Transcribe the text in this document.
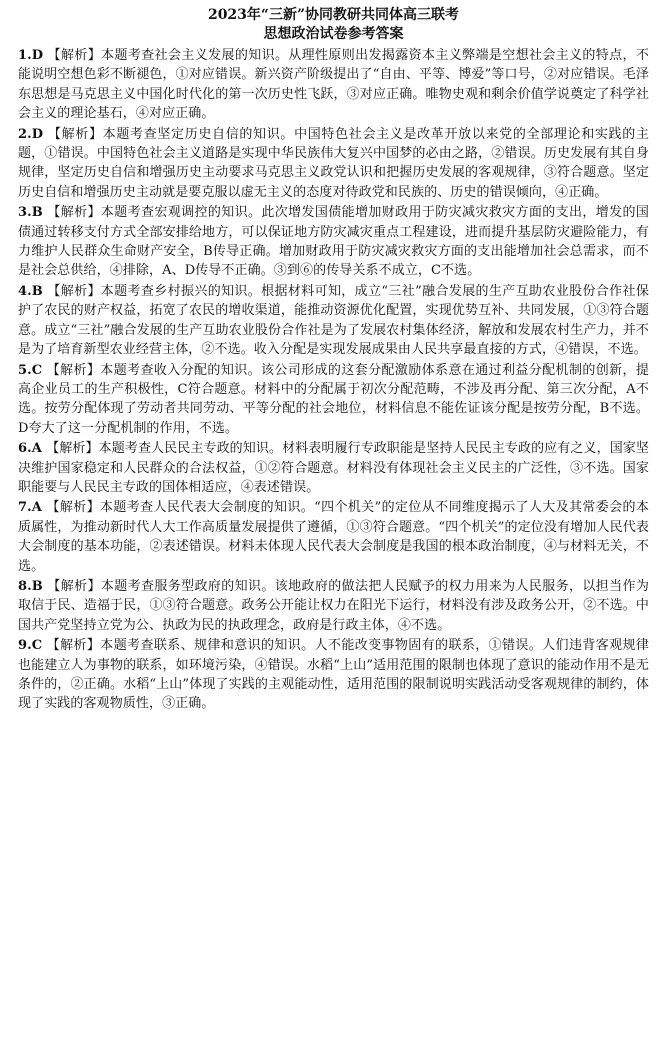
2023年“三新”协同教研共同体高三联考
思想政治试卷参考答案

1.D 【解析】本题考查社会主义发展的知识。从理性原则出发揭露资本主义弊端是空想社会主义的特点，不能说明空想色彩不断褪色，①对应错误。新兴资产阶级提出了“自由、平等、博爱”等口号，②对应错误。毛泽东思想是马克思主义中国化时代化的第一次历史性飞跃，③对应正确。唯物史观和剩余价值学说奠定了科学社会主义的理论基石，④对应正确。

2.D 【解析】本题考查坚定历史自信的知识。中国特色社会主义是改革开放以来党的全部理论和实践的主题，①错误。中国特色社会主义道路是实现中华民族伟大复兴中国梦的必由之路，②错误。历史发展有其自身规律，坚定历史自信和增强历史主动要求马克思主义政党认识和把握历史发展的客观规律，③符合题意。坚定历史自信和增强历史主动就是要克服以虚无主义的态度对待政党和民族的、历史的错误倾向，④正确。

3.B 【解析】本题考查宏观调控的知识。此次增发国债能增加财政用于防灾减灾救灾方面的支出，增发的国债通过转移支付方式全部安排给地方，可以保证地方防灾减灾重点工程建设，进而提升基层防灾避险能力，有力维护人民群众生命财产安全，B传导正确。增加财政用于防灾减灾救灾方面的支出能增加社会总需求，而不是社会总供给，④排除，A、D传导不正确。③到⑥的传导关系不成立，C不选。

4.B 【解析】本题考查乡村振兴的知识。根据材料可知，成立“三社”融合发展的生产互助农业股份合作社保护了农民的财产权益，拓宽了农民的增收渠道，能推动资源优化配置，实现优势互补、共同发展，①③符合题意。成立“三社”融合发展的生产互助农业股份合作社是为了发展农村集体经济，解放和发展农村生产力，并不是为了培育新型农业经营主体，②不选。收入分配是实现发展成果由人民共享最直接的方式，④错误，不选。

5.C 【解析】本题考查收入分配的知识。该公司形成的这套分配激励体系意在通过利益分配机制的创新，提高企业员工的生产积极性，C符合题意。材料中的分配属于初次分配范畴，不涉及再分配、第三次分配，A不选。按劳分配体现了劳动者共同劳动、平等分配的社会地位，材料信息不能佐证该分配是按劳分配，B不选。D夸大了这一分配机制的作用，不选。

6.A 【解析】本题考查人民民主专政的知识。材料表明履行专政职能是坚持人民民主专政的应有之义，国家坚决维护国家稳定和人民群众的合法权益，①②符合题意。材料没有体现社会主义民主的广泛性，③不选。国家职能要与人民民主专政的国体相适应，④表述错误。

7.A 【解析】本题考查人民代表大会制度的知识。“四个机关”的定位从不同维度揭示了人大及其常委会的本质属性，为推动新时代人大工作高质量发展提供了遵循，①③符合题意。“四个机关”的定位没有增加人民代表大会制度的基本功能，②表述错误。材料未体现人民代表大会制度是我国的根本政治制度，④与材料无关，不选。

8.B 【解析】本题考查服务型政府的知识。该地政府的做法把人民赋予的权力用来为人民服务，以担当作为取信于民、造福于民，①③符合题意。政务公开能让权力在阳光下运行，材料没有涉及政务公开，②不选。中国共产党坚持立党为公、执政为民的执政理念，政府是行政主体，④不选。

9.C 【解析】本题考查联系、规律和意识的知识。人不能改变事物固有的联系，①错误。人们违背客观规律也能建立人为事物的联系，如环境污染，④错误。水稻“上山”适用范围的限制也体现了意识的能动作用不是无条件的，②正确。水稻“上山”体现了实践的主观能动性，适用范围的限制说明实践活动受客观规律的制约，体现了实践的客观物质性，③正确。
